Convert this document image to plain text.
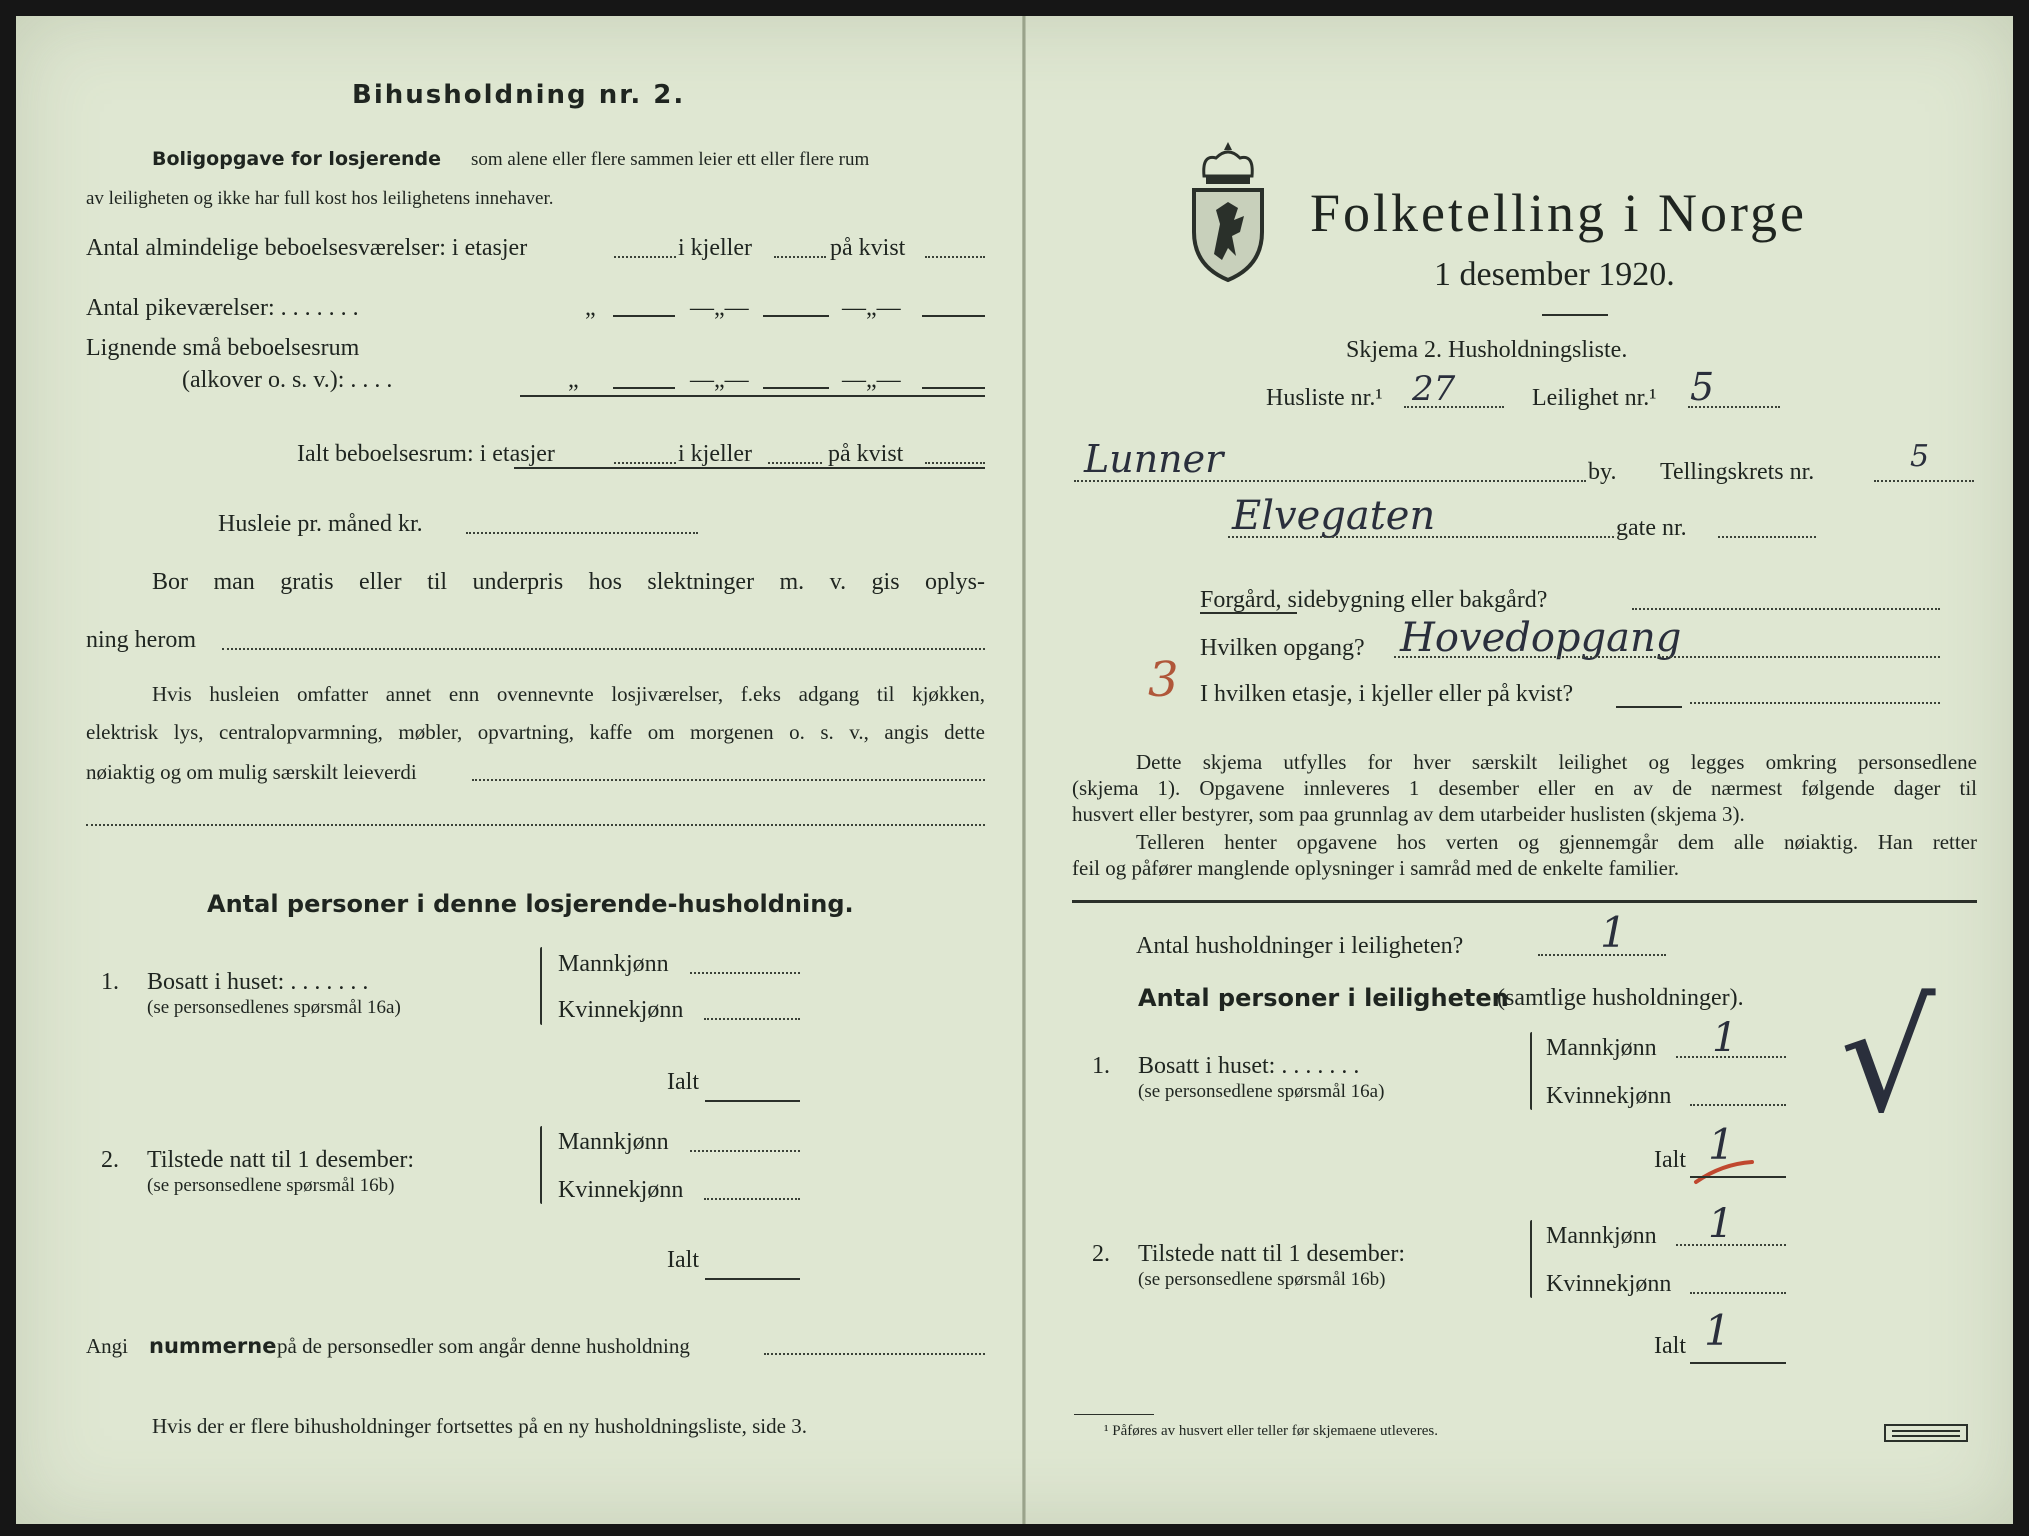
Bihusholdning nr. 2.
Boligopgave for losjerende som alene eller flere sammen leier ett eller flere rum
av leiligheten og ikke har full kost hos leilighetens innehaver.
Antal almindelige beboelsesværelser: i etasjer	i kjeller	på kvist
Antal pikeværelser: . . . . . . .	„	—„—	—„—
Lignende små beboelsesrum
(alkover o. s. v.): . . . .	„	—„—	—„—
Ialt beboelsesrum: i etasjer	i kjeller	på kvist
Husleie pr. måned kr.
Bor man gratis eller til underpris hos slektninger m. v. gis oplys-
ning herom
Hvis husleien omfatter annet enn ovennevnte losjiværelser, f.eks adgang til kjøkken,
elektrisk lys, centralopvarmning, møbler, opvartning, kaffe om morgenen o. s. v., angis dette
nøiaktig og om mulig særskilt leieverdi
Antal personer i denne losjerende-husholdning.
1. Bosatt i huset: . . . . . . .
(se personsedlenes spørsmål 16a)
Mannkjønn
Kvinnekjønn
Ialt
2. Tilstede natt til 1 desember:
(se personsedlene spørsmål 16b)
Mannkjønn
Kvinnekjønn
Ialt
Angi nummerne på de personsedler som angår denne husholdning
Hvis der er flere bihusholdninger fortsettes på en ny husholdningsliste, side 3.
Folketelling i Norge
1 desember 1920.
Skjema 2. Husholdningsliste.
Husliste nr.¹ 27	Leilighet nr.¹ 5
Lunner	by. Tellingskrets nr.	5
Elvegaten	gate nr.
Forgård, sidebygning eller bakgård?
Hvilken opgang? Hovedopgang
3 I hvilken etasje, i kjeller eller på kvist?
Dette skjema utfylles for hver særskilt leilighet og legges omkring personsedlene
(skjema 1). Opgavene innleveres 1 desember eller en av de nærmest følgende dager til
husvert eller bestyrer, som paa grunnlag av dem utarbeider huslisten (skjema 3).
Telleren henter opgavene hos verten og gjennemgår dem alle nøiaktig. Han retter
feil og påfører manglende oplysninger i samråd med de enkelte familier.
Antal husholdninger i leiligheten?	1
Antal personer i leiligheten
(samtlige husholdninger).
1. Bosatt i huset: . . . . . . .
(se personsedlene spørsmål 16a)
Mannkjønn 1
Kvinnekjønn
Ialt 1 √
2. Tilstede natt til 1 desember:
(se personsedlene spørsmål 16b)
Mannkjønn 1
Kvinnekjønn
Ialt 1
¹ Påføres av husvert eller teller før skjemaene utleveres.
